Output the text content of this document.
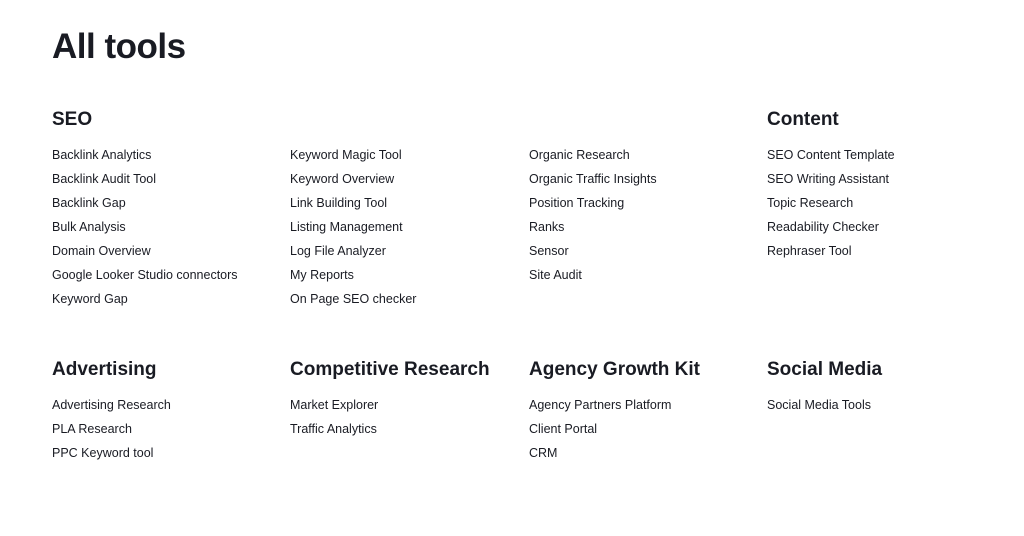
All tools
SEO
Backlink Analytics
Backlink Audit Tool
Backlink Gap
Bulk Analysis
Domain Overview
Google Looker Studio connectors
Keyword Gap
Keyword Magic Tool
Keyword Overview
Link Building Tool
Listing Management
Log File Analyzer
My Reports
On Page SEO checker
Organic Research
Organic Traffic Insights
Position Tracking
Ranks
Sensor
Site Audit
Content
SEO Content Template
SEO Writing Assistant
Topic Research
Readability Checker
Rephraser Tool
Advertising
Advertising Research
PLA Research
PPC Keyword tool
Competitive Research
Market Explorer
Traffic Analytics
Agency Growth Kit
Agency Partners Platform
Client Portal
CRM
Social Media
Social Media Tools
